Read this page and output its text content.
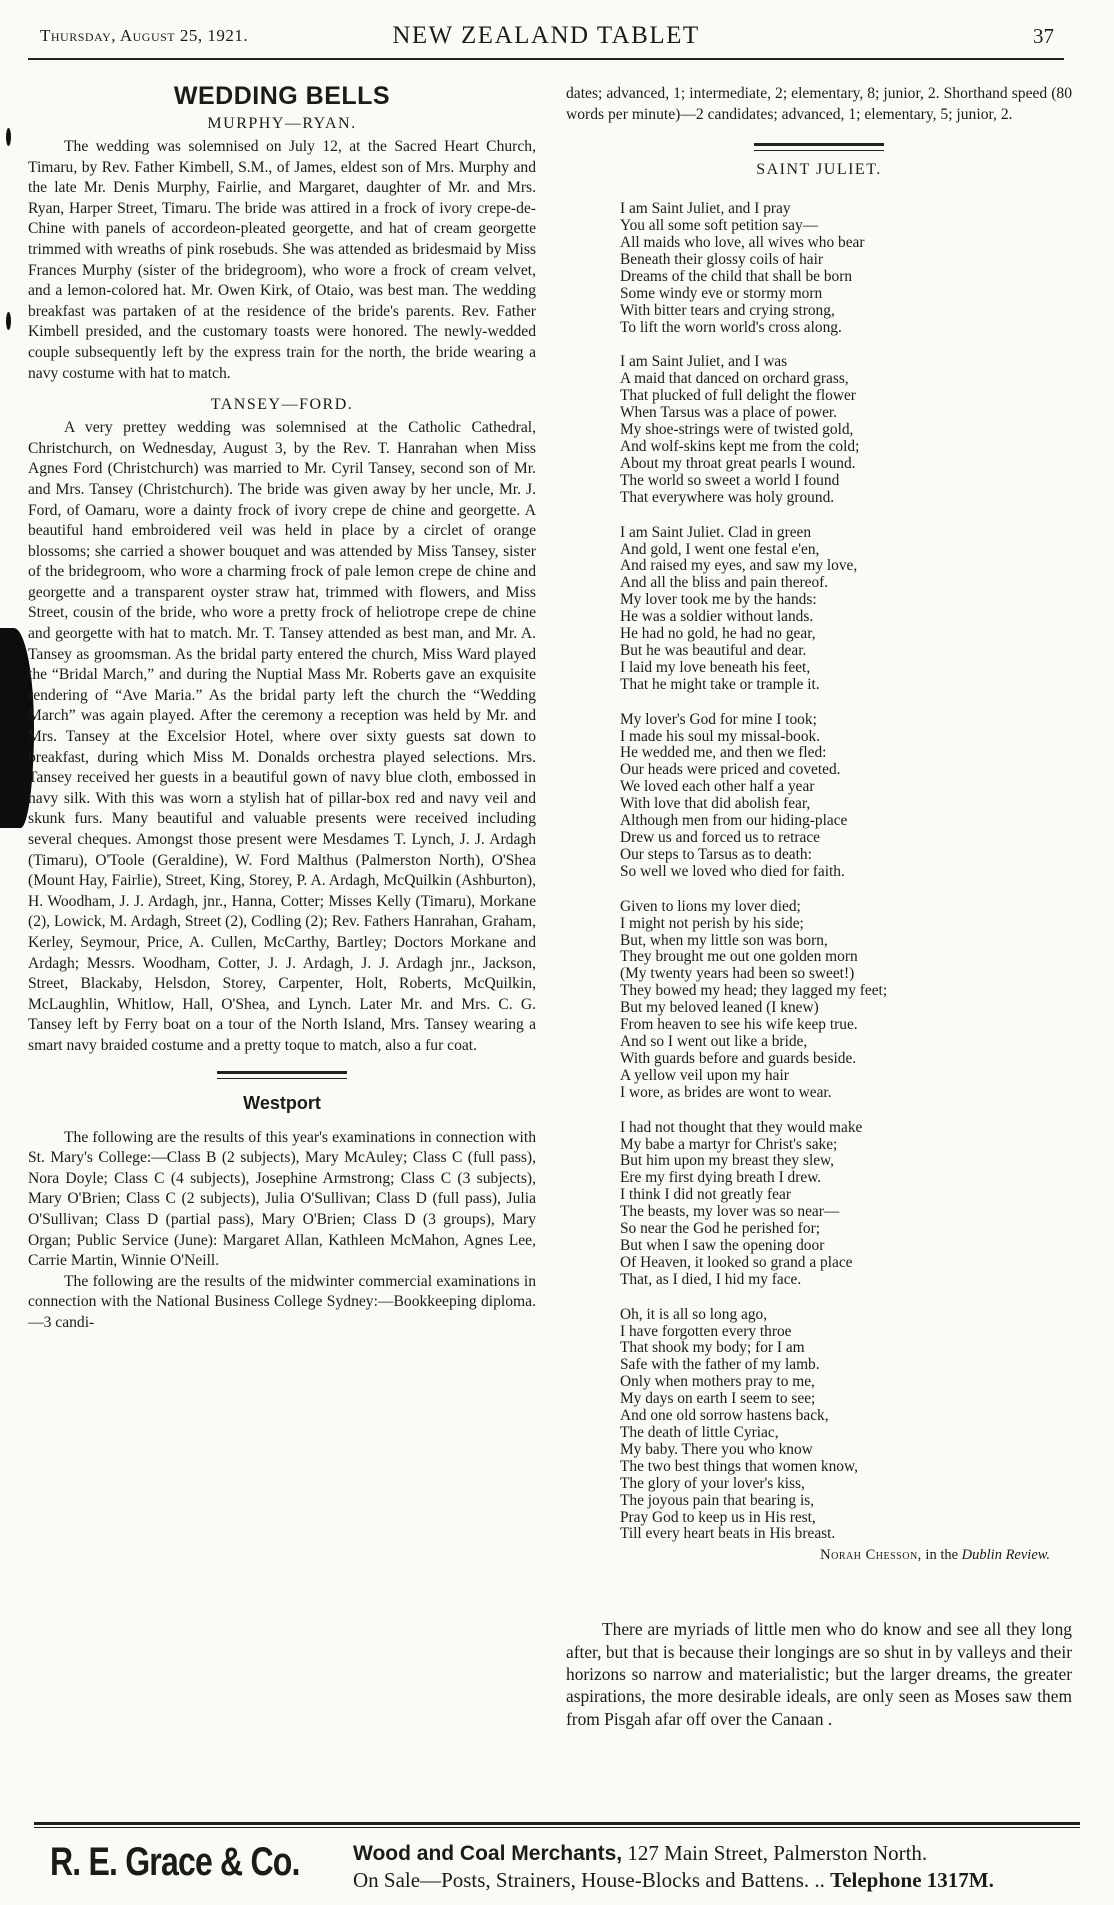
Thursday, August 25, 1921.	NEW ZEALAND TABLET	37
WEDDING BELLS
MURPHY—RYAN.

The wedding was solemnised on July 12, at the Sacred Heart Church, Timaru, by Rev. Father Kimbell, S.M., of James, eldest son of Mrs. Murphy and the late Mr. Denis Murphy, Fairlie, and Margaret, daughter of Mr. and Mrs. Ryan, Harper Street, Timaru. The bride was attired in a frock of ivory crepe-de-Chine with panels of accordeon-pleated georgette, and hat of cream georgette trimmed with wreaths of pink rosebuds. She was attended as bridesmaid by Miss Frances Murphy (sister of the bridegroom), who wore a frock of cream velvet, and a lemon-colored hat. Mr. Owen Kirk, of Otaio, was best man. The wedding breakfast was partaken of at the residence of the bride's parents. Rev. Father Kimbell presided, and the customary toasts were honored. The newly-wedded couple subsequently left by the express train for the north, the bride wearing a navy costume with hat to match.

TANSEY—FORD.

A very prettey wedding was solemnised at the Catholic Cathedral, Christchurch, on Wednesday, August 3, by the Rev. T. Hanrahan when Miss Agnes Ford (Christchurch) was married to Mr. Cyril Tansey, second son of Mr. and Mrs. Tansey (Christchurch). The bride was given away by her uncle, Mr. J. Ford, of Oamaru, wore a dainty frock of ivory crepe de chine and georgette. A beautiful hand embroidered veil was held in place by a circlet of orange blossoms; she carried a shower bouquet and was attended by Miss Tansey, sister of the bridegroom, who wore a charming frock of pale lemon crepe de chine and georgette and a transparent oyster straw hat, trimmed with flowers, and Miss Street, cousin of the bride, who wore a pretty frock of heliotrope crepe de chine and georgette with hat to match. Mr. T. Tansey attended as best man, and Mr. A. Tansey as groomsman. As the bridal party entered the church, Miss Ward played the “Bridal March,” and during the Nuptial Mass Mr. Roberts gave an exquisite rendering of “Ave Maria.” As the bridal party left the church the “Wedding March” was again played. After the ceremony a reception was held by Mr. and Mrs. Tansey at the Excelsior Hotel, where over sixty guests sat down to breakfast, during which Miss M. Donalds orchestra played selections. Mrs. Tansey received her guests in a beautiful gown of navy blue cloth, embossed in navy silk. With this was worn a stylish hat of pillar-box red and navy veil and skunk furs. Many beautiful and valuable presents were received including several cheques. Amongst those present were Mesdames T. Lynch, J. J. Ardagh (Timaru), O'Toole (Geraldine), W. Ford Malthus (Palmerston North), O'Shea (Mount Hay, Fairlie), Street, King, Storey, P. A. Ardagh, McQuilkin (Ashburton), H. Woodham, J. J. Ardagh, jnr., Hanna, Cotter; Misses Kelly (Timaru), Morkane (2), Lowick, M. Ardagh, Street (2), Codling (2); Rev. Fathers Hanrahan, Graham, Kerley, Seymour, Price, A. Cullen, McCarthy, Bartley; Doctors Morkane and Ardagh; Messrs. Woodham, Cotter, J. J. Ardagh, J. J. Ardagh jnr., Jackson, Street, Blackaby, Helsdon, Storey, Carpenter, Holt, Roberts, McQuilkin, McLaughlin, Whitlow, Hall, O'Shea, and Lynch. Later Mr. and Mrs. C. G. Tansey left by Ferry boat on a tour of the North Island, Mrs. Tansey wearing a smart navy braided costume and a pretty toque to match, also a fur coat.

Westport

The following are the results of this year's examinations in connection with St. Mary's College:—Class B (2 subjects), Mary McAuley; Class C (full pass), Nora Doyle; Class C (4 subjects), Josephine Armstrong; Class C (3 subjects), Mary O'Brien; Class C (2 subjects), Julia O'Sullivan; Class D (full pass), Julia O'Sullivan; Class D (partial pass), Mary O'Brien; Class D (3 groups), Mary Organ; Public Service (June): Margaret Allan, Kathleen McMahon, Agnes Lee, Carrie Martin, Winnie O'Neill.

The following are the results of the midwinter commercial examinations in connection with the National Business College Sydney:—Bookkeeping diploma.—3 candi-

dates; advanced, 1; intermediate, 2; elementary, 8; junior, 2. Shorthand speed (80 words per minute)—2 candidates; advanced, 1; elementary, 5; junior, 2.

SAINT JULIET.
I am Saint Juliet, and I pray
You all some soft petition say—
All maids who love, all wives who bear
Beneath their glossy coils of hair
Dreams of the child that shall be born
Some windy eve or stormy morn
With bitter tears and crying strong,
To lift the worn world's cross along.
I am Saint Juliet, and I was
A maid that danced on orchard grass,
That plucked of full delight the flower
When Tarsus was a place of power.
My shoe-strings were of twisted gold,
And wolf-skins kept me from the cold;
About my throat great pearls I wound.
The world so sweet a world I found
That everywhere was holy ground.
I am Saint Juliet. Clad in green
And gold, I went one festal e'en,
And raised my eyes, and saw my love,
And all the bliss and pain thereof.
My lover took me by the hands:
He was a soldier without lands.
He had no gold, he had no gear,
But he was beautiful and dear.
I laid my love beneath his feet,
That he might take or trample it.
My lover's God for mine I took;
I made his soul my missal-book.
He wedded me, and then we fled:
Our heads were priced and coveted.
We loved each other half a year
With love that did abolish fear,
Although men from our hiding-place
Drew us and forced us to retrace
Our steps to Tarsus as to death:
So well we loved who died for faith.
Given to lions my lover died;
I might not perish by his side;
But, when my little son was born,
They brought me out one golden morn
(My twenty years had been so sweet!)
They bowed my head; they lagged my feet;
But my beloved leaned (I knew)
From heaven to see his wife keep true.
And so I went out like a bride,
With guards before and guards beside.
A yellow veil upon my hair
I wore, as brides are wont to wear.
I had not thought that they would make
My babe a martyr for Christ's sake;
But him upon my breast they slew,
Ere my first dying breath I drew.
I think I did not greatly fear
The beasts, my lover was so near—
So near the God he perished for;
But when I saw the opening door
Of Heaven, it looked so grand a place
That, as I died, I hid my face.
Oh, it is all so long ago,
I have forgotten every throe
That shook my body; for I am
Safe with the father of my lamb.
Only when mothers pray to me,
My days on earth I seem to see;
And one old sorrow hastens back,
The death of little Cyriac,
My baby. There you who know
The two best things that women know,
The glory of your lover's kiss,
The joyous pain that bearing is,
Pray God to keep us in His rest,
Till every heart beats in His breast.
Norah Chesson, in the Dublin Review.

There are myriads of little men who do know and see all they long after, but that is because their longings are so shut in by valleys and their horizons so narrow and materialistic; but the larger dreams, the greater aspirations, the more desirable ideals, are only seen as Moses saw them from Pisgah afar off over the Canaan .

R. E. Grace & Co.	Wood and Coal Merchants, 127 Main Street, Palmerston North.
On Sale—Posts, Strainers, House-Blocks and Battens. .. Telephone 1317M.
